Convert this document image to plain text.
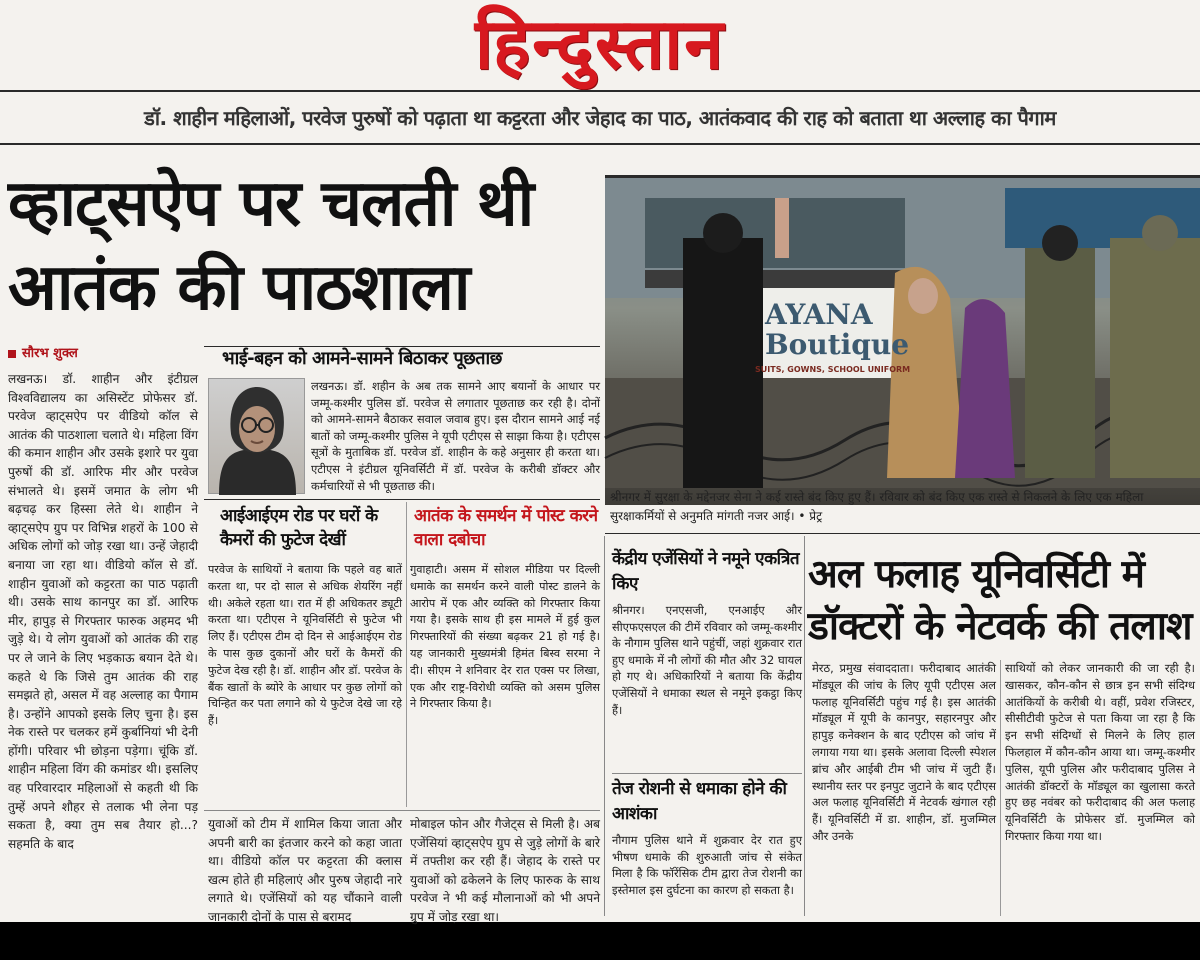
हिन्दुस्तान
डॉ. शाहीन महिलाओं, परवेज पुरुषों को पढ़ाता था कट्टरता और जेहाद का पाठ, आतंकवाद की राह को बताता था अल्लाह का पैगाम
व्हाट्सऐप पर चलती थी
आतंक की पाठशाला
सौरभ शुक्ल
लखनऊ। डॉ. शाहीन और इंटीग्रल विश्वविद्यालय का असिस्टेंट प्रोफेसर डॉ. परवेज व्हाट्सऐप पर वीडियो कॉल से आतंक की पाठशाला चलाते थे। महिला विंग की कमान शाहीन और उसके इशारे पर युवा पुरुषों की डॉ. आरिफ मीर और परवेज संभालते थे। इसमें जमात के लोग भी बढ़चढ़ कर हिस्सा लेते थे। शाहीन ने व्हाट्सऐप ग्रुप पर विभिन्न शहरों के 100 से अधिक लोगों को जोड़ रखा था। उन्हें जेहादी बनाया जा रहा था। वीडियो कॉल से डॉ. शाहीन युवाओं को कट्टरता का पाठ पढ़ाती थी। उसके साथ कानपुर का डॉ. आरिफ मीर, हापुड़ से गिरफ्तार फारुक अहमद भी जुड़े थे। ये लोग युवाओं को आतंक की राह पर ले जाने के लिए भड़काऊ बयान देते थे। कहते थे कि जिसे तुम आतंक की राह समझते हो, असल में वह अल्लाह का पैगाम है। उन्होंने आपको इसके लिए चुना है। इस नेक रास्ते पर चलकर हमें कुर्बानियां भी देनी होंगी। परिवार भी छोड़ना पड़ेगा। चूंकि डॉ. शाहीन महिला विंग की कमांडर थी। इसलिए वह परिवारदार महिलाओं से कहती थी कि तुम्हें अपने शौहर से तलाक भी लेना पड़ सकता है, क्या तुम सब तैयार हो...? सहमति के बाद
भाई-बहन को आमने-सामने बिठाकर पूछताछ
लखनऊ। डॉ. शहीन के अब तक सामने आए बयानों के आधार पर जम्मू-कश्मीर पुलिस डॉ. परवेज से लगातार पूछताछ कर रही है। दोनों को आमने-सामने बैठाकर सवाल जवाब हुए। इस दौरान सामने आई नई बातों को जम्मू-कश्मीर पुलिस ने यूपी एटीएस से साझा किया है। एटीएस सूत्रों के मुताबिक डॉ. परवेज डॉ. शाहीन के कहे अनुसार ही करता था। एटीएस ने इंटीग्रल यूनिवर्सिटी में डॉ. परवेज के करीबी डॉक्टर और कर्मचारियों से भी पूछताछ की।
आईआईएम रोड पर घरों के कैमरों की फुटेज देखीं
परवेज के साथियों ने बताया कि पहले वह बातें करता था, पर दो साल से अधिक शेयरिंग नहीं थी। अकेले रहता था। रात में ही अधिकतर ड्यूटी करता था। एटीएस ने यूनिवर्सिटी से फुटेज भी लिए हैं। एटीएस टीम दो दिन से आईआईएम रोड के पास कुछ दुकानों और घरों के कैमरों की फुटेज देख रही है। डॉ. शाहीन और डॉ. परवेज के बैंक खातों के ब्योरे के आधार पर कुछ लोगों को चिन्हित कर पता लगाने को ये फुटेज देखे जा रहे हैं।
आतंक के समर्थन में पोस्ट करने वाला दबोचा
गुवाहाटी। असम में सोशल मीडिया पर दिल्ली धमाके का समर्थन करने वाली पोस्ट डालने के आरोप में एक और व्यक्ति को गिरफ्तार किया गया है। इसके साथ ही इस मामले में हुई कुल गिरफ्तारियों की संख्या बढ़कर 21 हो गई है। यह जानकारी मुख्यमंत्री हिमंत बिस्व सरमा ने दी। सीएम ने शनिवार देर रात एक्स पर लिखा, एक और राष्ट्र-विरोधी व्यक्ति को असम पुलिस ने गिरफ्तार किया है।
युवाओं को टीम में शामिल किया जाता और अपनी बारी का इंतजार करने को कहा जाता था। वीडियो कॉल पर कट्टरता की क्लास खत्म होते ही महिलाएं और पुरुष जेहादी नारे लगाते थे। एजेंसियों को यह चौंकाने वाली जानकारी दोनों के पास से बरामद
मोबाइल फोन और गैजेट्स से मिली है। अब एजेंसियां व्हाट्सऐप ग्रुप से जुड़े लोगों के बारे में तफ्तीश कर रही हैं। जेहाद के रास्ते पर युवाओं को ढकेलने के लिए फारुक के साथ परवेज ने भी कई मौलानाओं को भी अपने ग्रुप में जोड़ रखा था।
AYANA Boutique
SUITS, GOWNS, SCHOOL UNIFORM
श्रीनगर में सुरक्षा के मद्देनजर सेना ने कई रास्ते बंद किए हुए हैं। रविवार को बंद किए एक रास्ते से निकलने के लिए एक महिला सुरक्षाकर्मियों से अनुमति मांगती नजर आई। • प्रेट्र
केंद्रीय एजेंसियों ने नमूने एकत्रित किए
श्रीनगर। एनएसजी, एनआईए और सीएफएसएल की टीमें रविवार को जम्मू-कश्मीर के नौगाम पुलिस थाने पहुंचीं, जहां शुक्रवार रात हुए धमाके में नौ लोगों की मौत और 32 घायल हो गए थे। अधिकारियों ने बताया कि केंद्रीय एजेंसियों ने धमाका स्थल से नमूने इकट्ठा किए हैं।
तेज रोशनी से धमाका होने की आशंका
नौगाम पुलिस थाने में शुक्रवार देर रात हुए भीषण धमाके की शुरुआती जांच से संकेत मिला है कि फॉरेंसिक टीम द्वारा तेज रोशनी का इस्तेमाल इस दुर्घटना का कारण हो सकता है।
अल फलाह यूनिवर्सिटी में
डॉक्टरों के नेटवर्क की तलाश
मेरठ, प्रमुख संवाददाता। फरीदाबाद आतंकी मॉड्यूल की जांच के लिए यूपी एटीएस अल फलाह यूनिवर्सिटी पहुंच गई है। इस आतंकी मॉड्यूल में यूपी के कानपुर, सहारनपुर और हापुड़ कनेक्शन के बाद एटीएस को जांच में लगाया गया था। इसके अलावा दिल्ली स्पेशल ब्रांच और आईबी टीम भी जांच में जुटी हैं। स्थानीय स्तर पर इनपुट जुटाने के बाद एटीएस अल फलाह यूनिवर्सिटी में नेटवर्क खंगाल रही हैं। यूनिवर्सिटी में डा. शाहीन, डॉ. मुजम्मिल और उनके
साथियों को लेकर जानकारी की जा रही है। खासकर, कौन-कौन से छात्र इन सभी संदिग्ध आतंकियों के करीबी थे। वहीं, प्रवेश रजिस्टर, सीसीटीवी फुटेज से पता किया जा रहा है कि इन सभी संदिग्धों से मिलने के लिए हाल फिलहाल में कौन-कौन आया था। जम्मू-कश्मीर पुलिस, यूपी पुलिस और फरीदाबाद पुलिस ने आतंकी डॉक्टरों के मॉड्यूल का खुलासा करते हुए छह नवंबर को फरीदाबाद की अल फलाह यूनिवर्सिटी के प्रोफेसर डॉ. मुजम्मिल को गिरफ्तार किया गया था।
